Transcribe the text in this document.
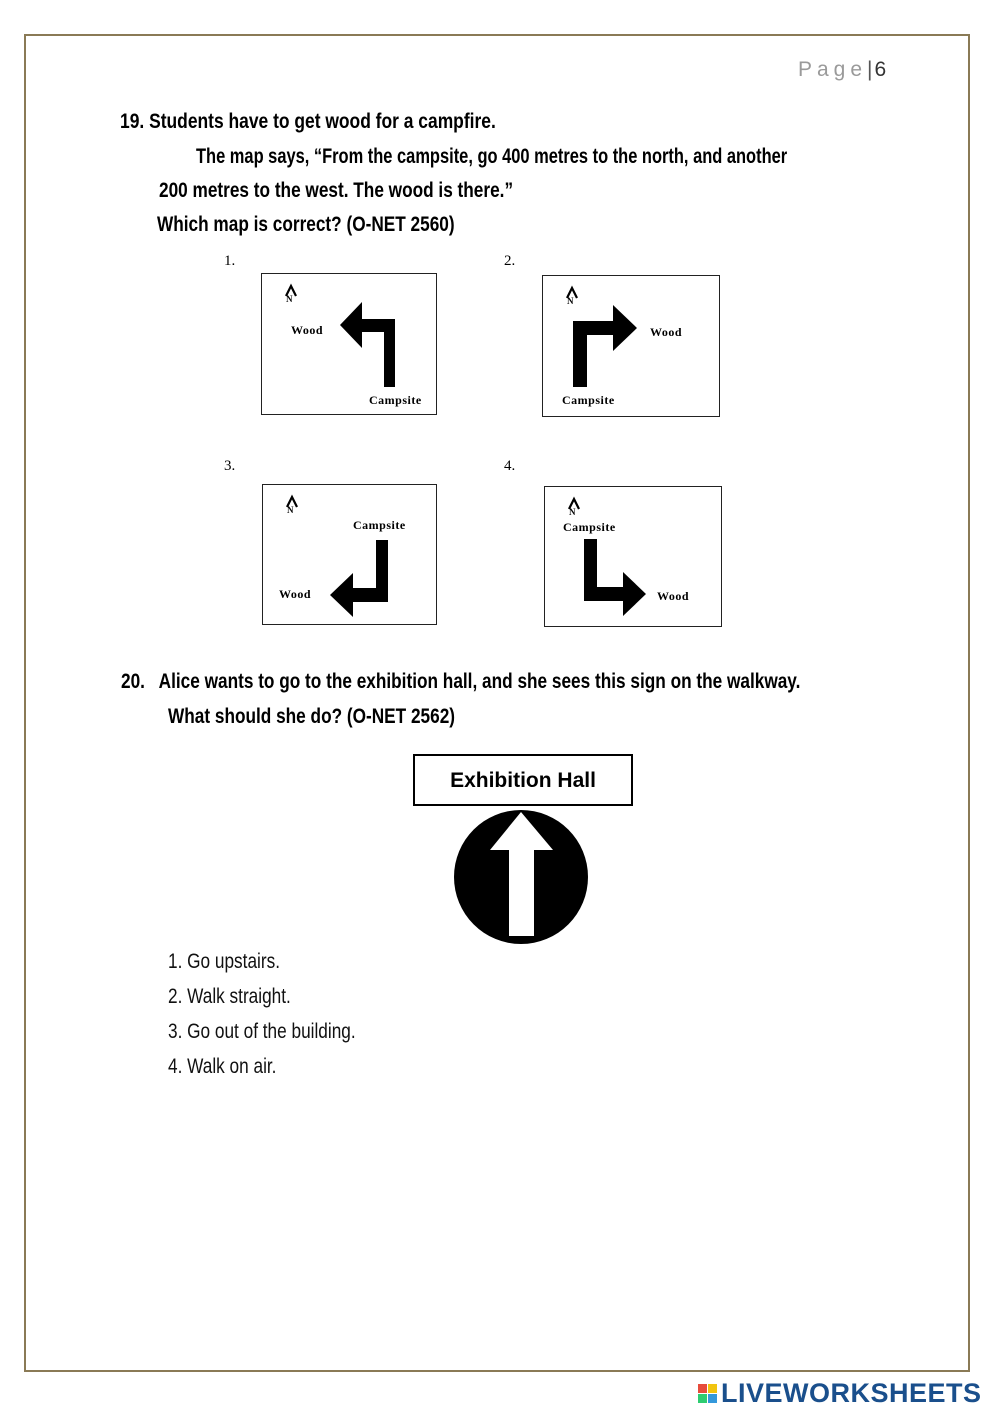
Page|6
19. Students have to get wood for a campfire.
The map says, “From the campsite, go 400 metres to the north, and another
200 metres to the west. The wood is there.”
Which map is correct? (O-NET 2560)
1.	2.
3.	4.
N
Wood
Campsite
N
Wood
Campsite
N
Campsite
Wood
N
Campsite
Wood
20. Alice wants to go to the exhibition hall, and she sees this sign on the walkway.
What should she do? (O-NET 2562)
Exhibition Hall
1. Go upstairs.
2. Walk straight.
3. Go out of the building.
4. Walk on air.
LIVEWORKSHEETS
